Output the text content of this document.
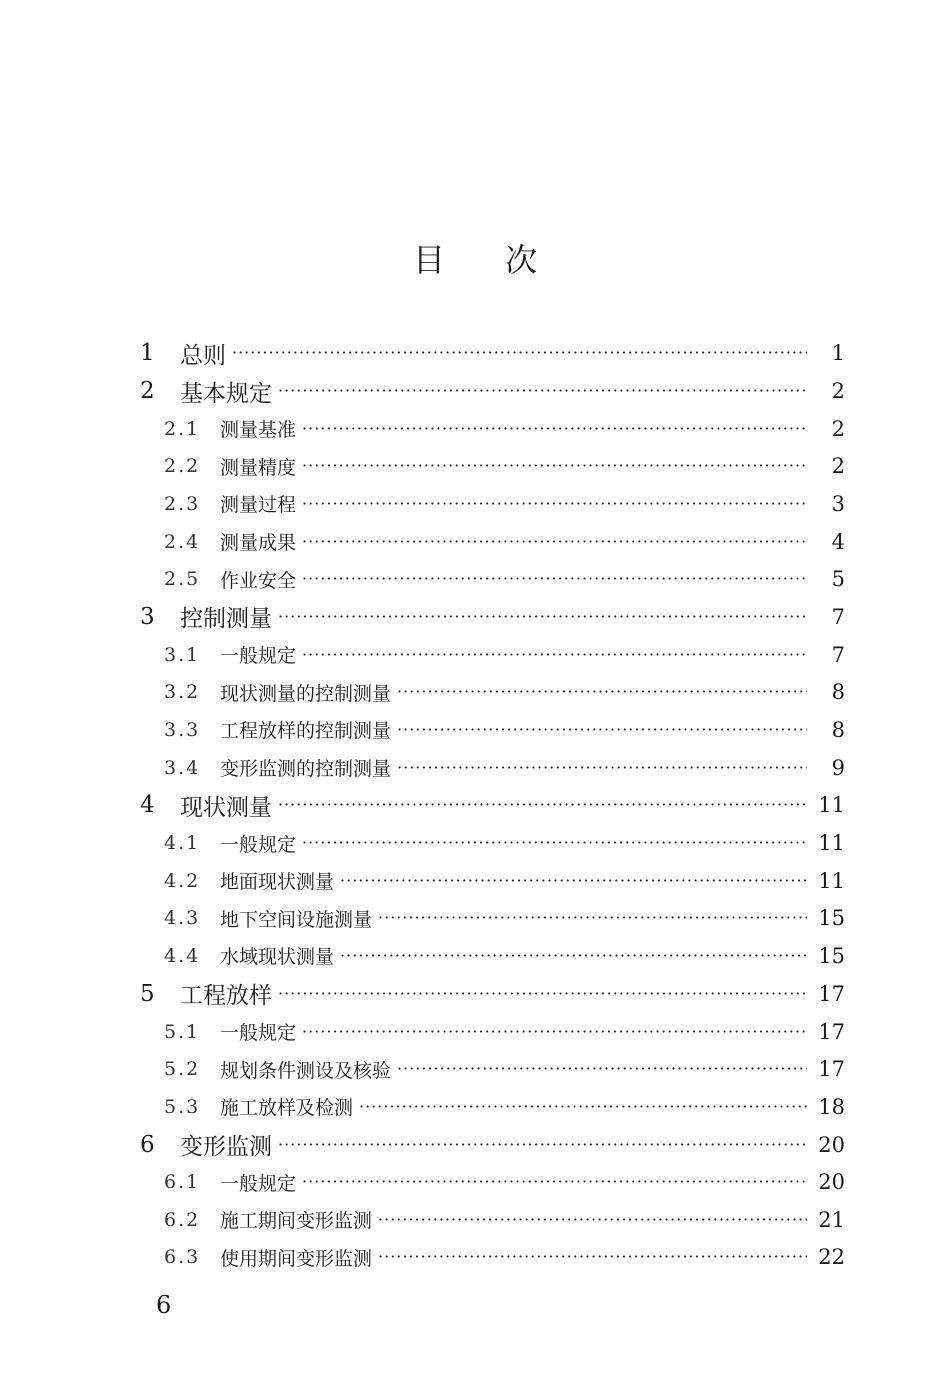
目次
1	总则 ·····	1
2	基本规定 ·····	2
2.1	测量基准 ·····	2
2.2	测量精度 ·····	2
2.3	测量过程 ·····	3
2.4	测量成果 ·····	4
2.5	作业安全 ·····	5
3	控制测量 ·····	7
3.1	一般规定 ·····	7
3.2	现状测量的控制测量 ·····	8
3.3	工程放样的控制测量 ·····	8
3.4	变形监测的控制测量 ·····	9
4	现状测量 ·····	11
4.1	一般规定 ·····	11
4.2	地面现状测量 ·····	11
4.3	地下空间设施测量 ·····	15
4.4	水域现状测量 ·····	15
5	工程放样 ·····	17
5.1	一般规定 ·····	17
5.2	规划条件测设及核验 ·····	17
5.3	施工放样及检测 ·····	18
6	变形监测 ·····	20
6.1	一般规定 ·····	20
6.2	施工期间变形监测 ·····	21
6.3	使用期间变形监测 ·····	22
6
